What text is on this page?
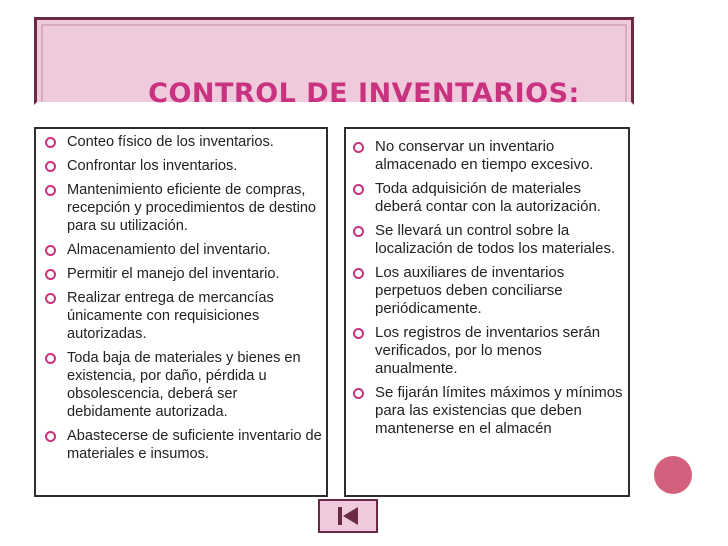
CONTROL DE INVENTARIOS:
Conteo físico de los inventarios.
Confrontar los inventarios.
Mantenimiento eficiente de compras, recepción y procedimientos de destino para su utilización.
Almacenamiento del inventario.
Permitir el manejo del inventario.
Realizar entrega de mercancías únicamente con requisiciones autorizadas.
Toda baja de materiales y bienes en existencia, por daño, pérdida u obsolescencia, deberá ser debidamente autorizada.
Abastecerse de suficiente inventario de materiales e insumos.
No conservar un inventario almacenado en tiempo excesivo.
Toda adquisición de materiales deberá contar con la autorización.
Se llevará un control sobre la localización de todos los materiales.
Los auxiliares de inventarios perpetuos deben conciliarse periódicamente.
Los registros de inventarios serán verificados, por lo menos anualmente.
Se fijarán límites máximos y mínimos para las existencias que deben mantenerse en el almacén
